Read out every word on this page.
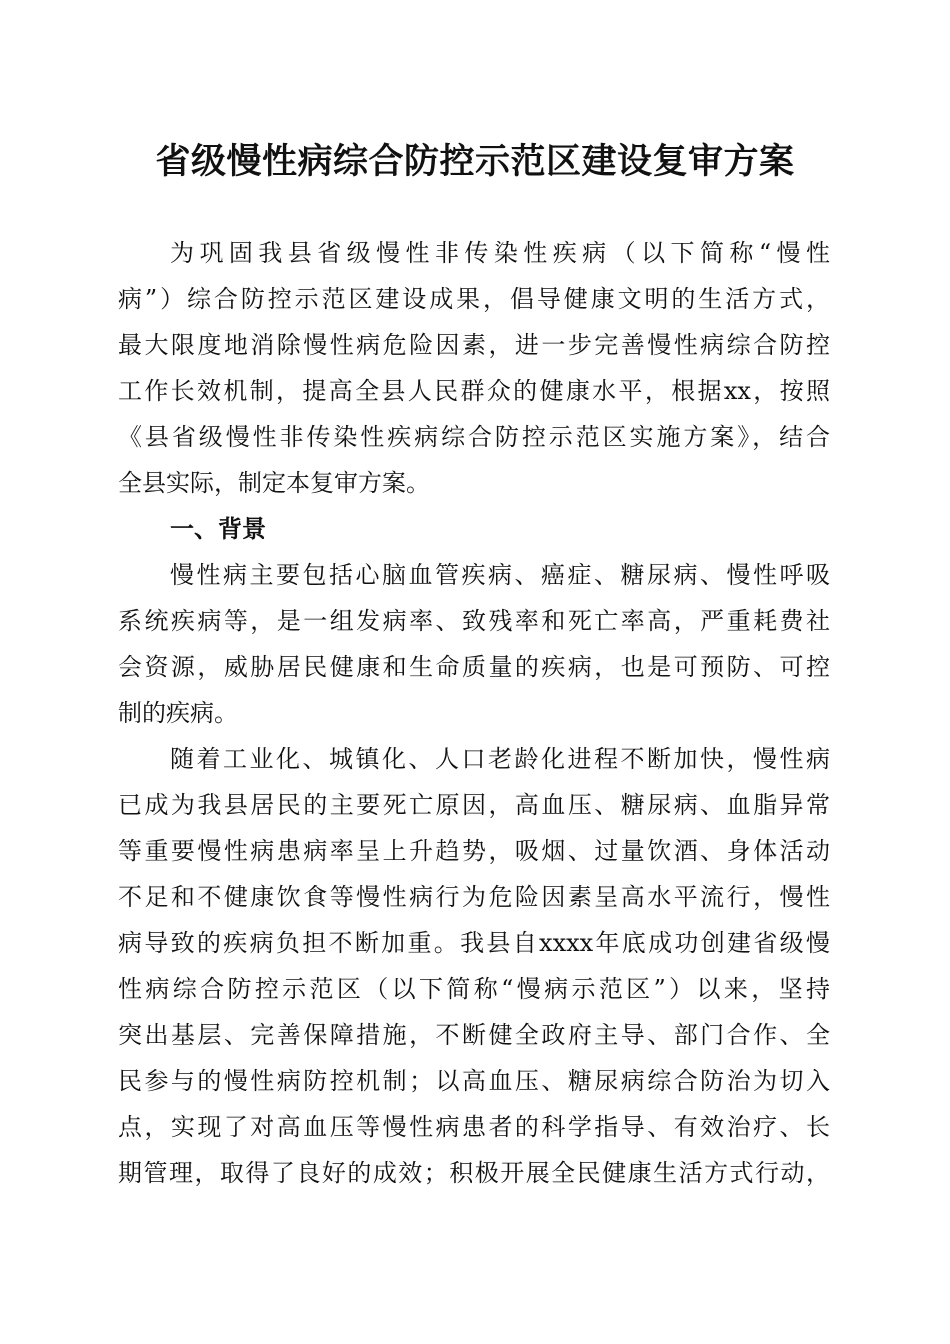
省级慢性病综合防控示范区建设复审方案
为巩固我县省级慢性非传染性疾病（以下简称“慢性
病”）综合防控示范区建设成果，倡导健康文明的生活方式，
最大限度地消除慢性病危险因素，进一步完善慢性病综合防控
工作长效机制，提高全县人民群众的健康水平，根据xx，按照
《县省级慢性非传染性疾病综合防控示范区实施方案》，结合
全县实际，制定本复审方案。
一、背景
慢性病主要包括心脑血管疾病、癌症、糖尿病、慢性呼吸
系统疾病等，是一组发病率、致残率和死亡率高，严重耗费社
会资源，威胁居民健康和生命质量的疾病，也是可预防、可控
制的疾病。
随着工业化、城镇化、人口老龄化进程不断加快，慢性病
已成为我县居民的主要死亡原因，高血压、糖尿病、血脂异常
等重要慢性病患病率呈上升趋势，吸烟、过量饮酒、身体活动
不足和不健康饮食等慢性病行为危险因素呈高水平流行，慢性
病导致的疾病负担不断加重。我县自xxxx年底成功创建省级慢
性病综合防控示范区（以下简称“慢病示范区”）以来，坚持
突出基层、完善保障措施，不断健全政府主导、部门合作、全
民参与的慢性病防控机制；以高血压、糖尿病综合防治为切入
点，实现了对高血压等慢性病患者的科学指导、有效治疗、长
期管理，取得了良好的成效；积极开展全民健康生活方式行动，
